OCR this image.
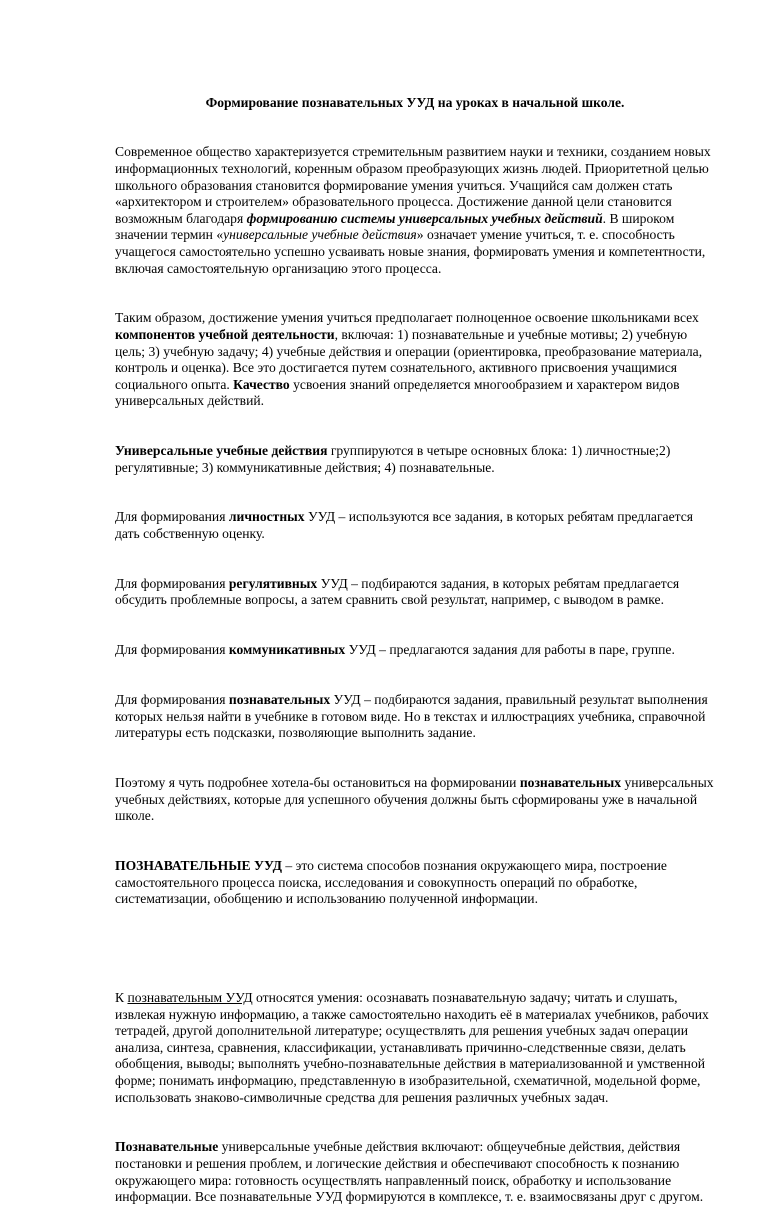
Формирование познавательных УУД на уроках в начальной школе.

Современное общество характеризуется стремительным развитием науки и техники, созданием новых информационных технологий, коренным образом преобразующих жизнь людей. Приоритетной целью школьного образования становится формирование умения учиться. Учащийся сам должен стать «архитектором и строителем» образовательного процесса. Достижение данной цели становится возможным благодаря формированию системы универсальных учебных действий. В широком значении термин «универсальные учебные действия» означает умение учиться, т. е. способность учащегося самостоятельно успешно усваивать новые знания, формировать умения и компетентности, включая самостоятельную организацию этого процесса.

Таким образом, достижение умения учиться предполагает полноценное освоение школьниками всех компонентов учебной деятельности, включая: 1) познавательные и учебные мотивы; 2) учебную цель; 3) учебную задачу; 4) учебные действия и операции (ориентировка, преобразование материала, контроль и оценка). Все это достигается путем сознательного, активного присвоения учащимися социального опыта. Качество усвоения знаний определяется многообразием и характером видов универсальных действий.

Универсальные учебные действия группируются в четыре основных блока: 1) личностные;2) регулятивные; 3) коммуникативные действия; 4) познавательные.

Для формирования личностных УУД – используются все задания, в которых ребятам предлагается дать собственную оценку.

Для формирования регулятивных УУД – подбираются задания, в которых ребятам предлагается обсудить проблемные вопросы, а затем сравнить свой результат, например, с выводом в рамке.

Для формирования коммуникативных УУД – предлагаются задания для работы в паре, группе.

Для формирования познавательных УУД – подбираются задания, правильный результат выполнения которых нельзя найти в учебнике в готовом виде. Но в текстах и иллюстрациях учебника, справочной литературы есть подсказки, позволяющие выполнить задание.

Поэтому я чуть подробнее хотела-бы остановиться на формировании познавательных универсальных учебных действиях, которые для успешного обучения должны быть сформированы уже в начальной школе.

ПОЗНАВАТЕЛЬНЫЕ УУД – это система способов познания окружающего мира, построение самостоятельного процесса поиска, исследования и совокупность операций по обработке, систематизации, обобщению и использованию полученной информации.

К познавательным УУД относятся умения: осознавать познавательную задачу; читать и слушать, извлекая нужную информацию, а также самостоятельно находить её в материалах учебников, рабочих тетрадей, другой дополнительной литературе; осуществлять для решения учебных задач операции анализа, синтеза, сравнения, классификации, устанавливать причинно-следственные связи, делать обобщения, выводы; выполнять учебно-познавательные действия в материализованной и умственной форме; понимать информацию, представленную в изобразительной, схематичной, модельной форме, использовать знаково-символичные средства для решения различных учебных задач.

Познавательные универсальные учебные действия включают: общеучебные действия, действия постановки и решения проблем, и логические действия и обеспечивают способность к познанию окружающего мира: готовность осуществлять направленный поиск, обработку и использование информации. Все познавательные УУД формируются в комплексе, т. е. взаимосвязаны друг с другом.
